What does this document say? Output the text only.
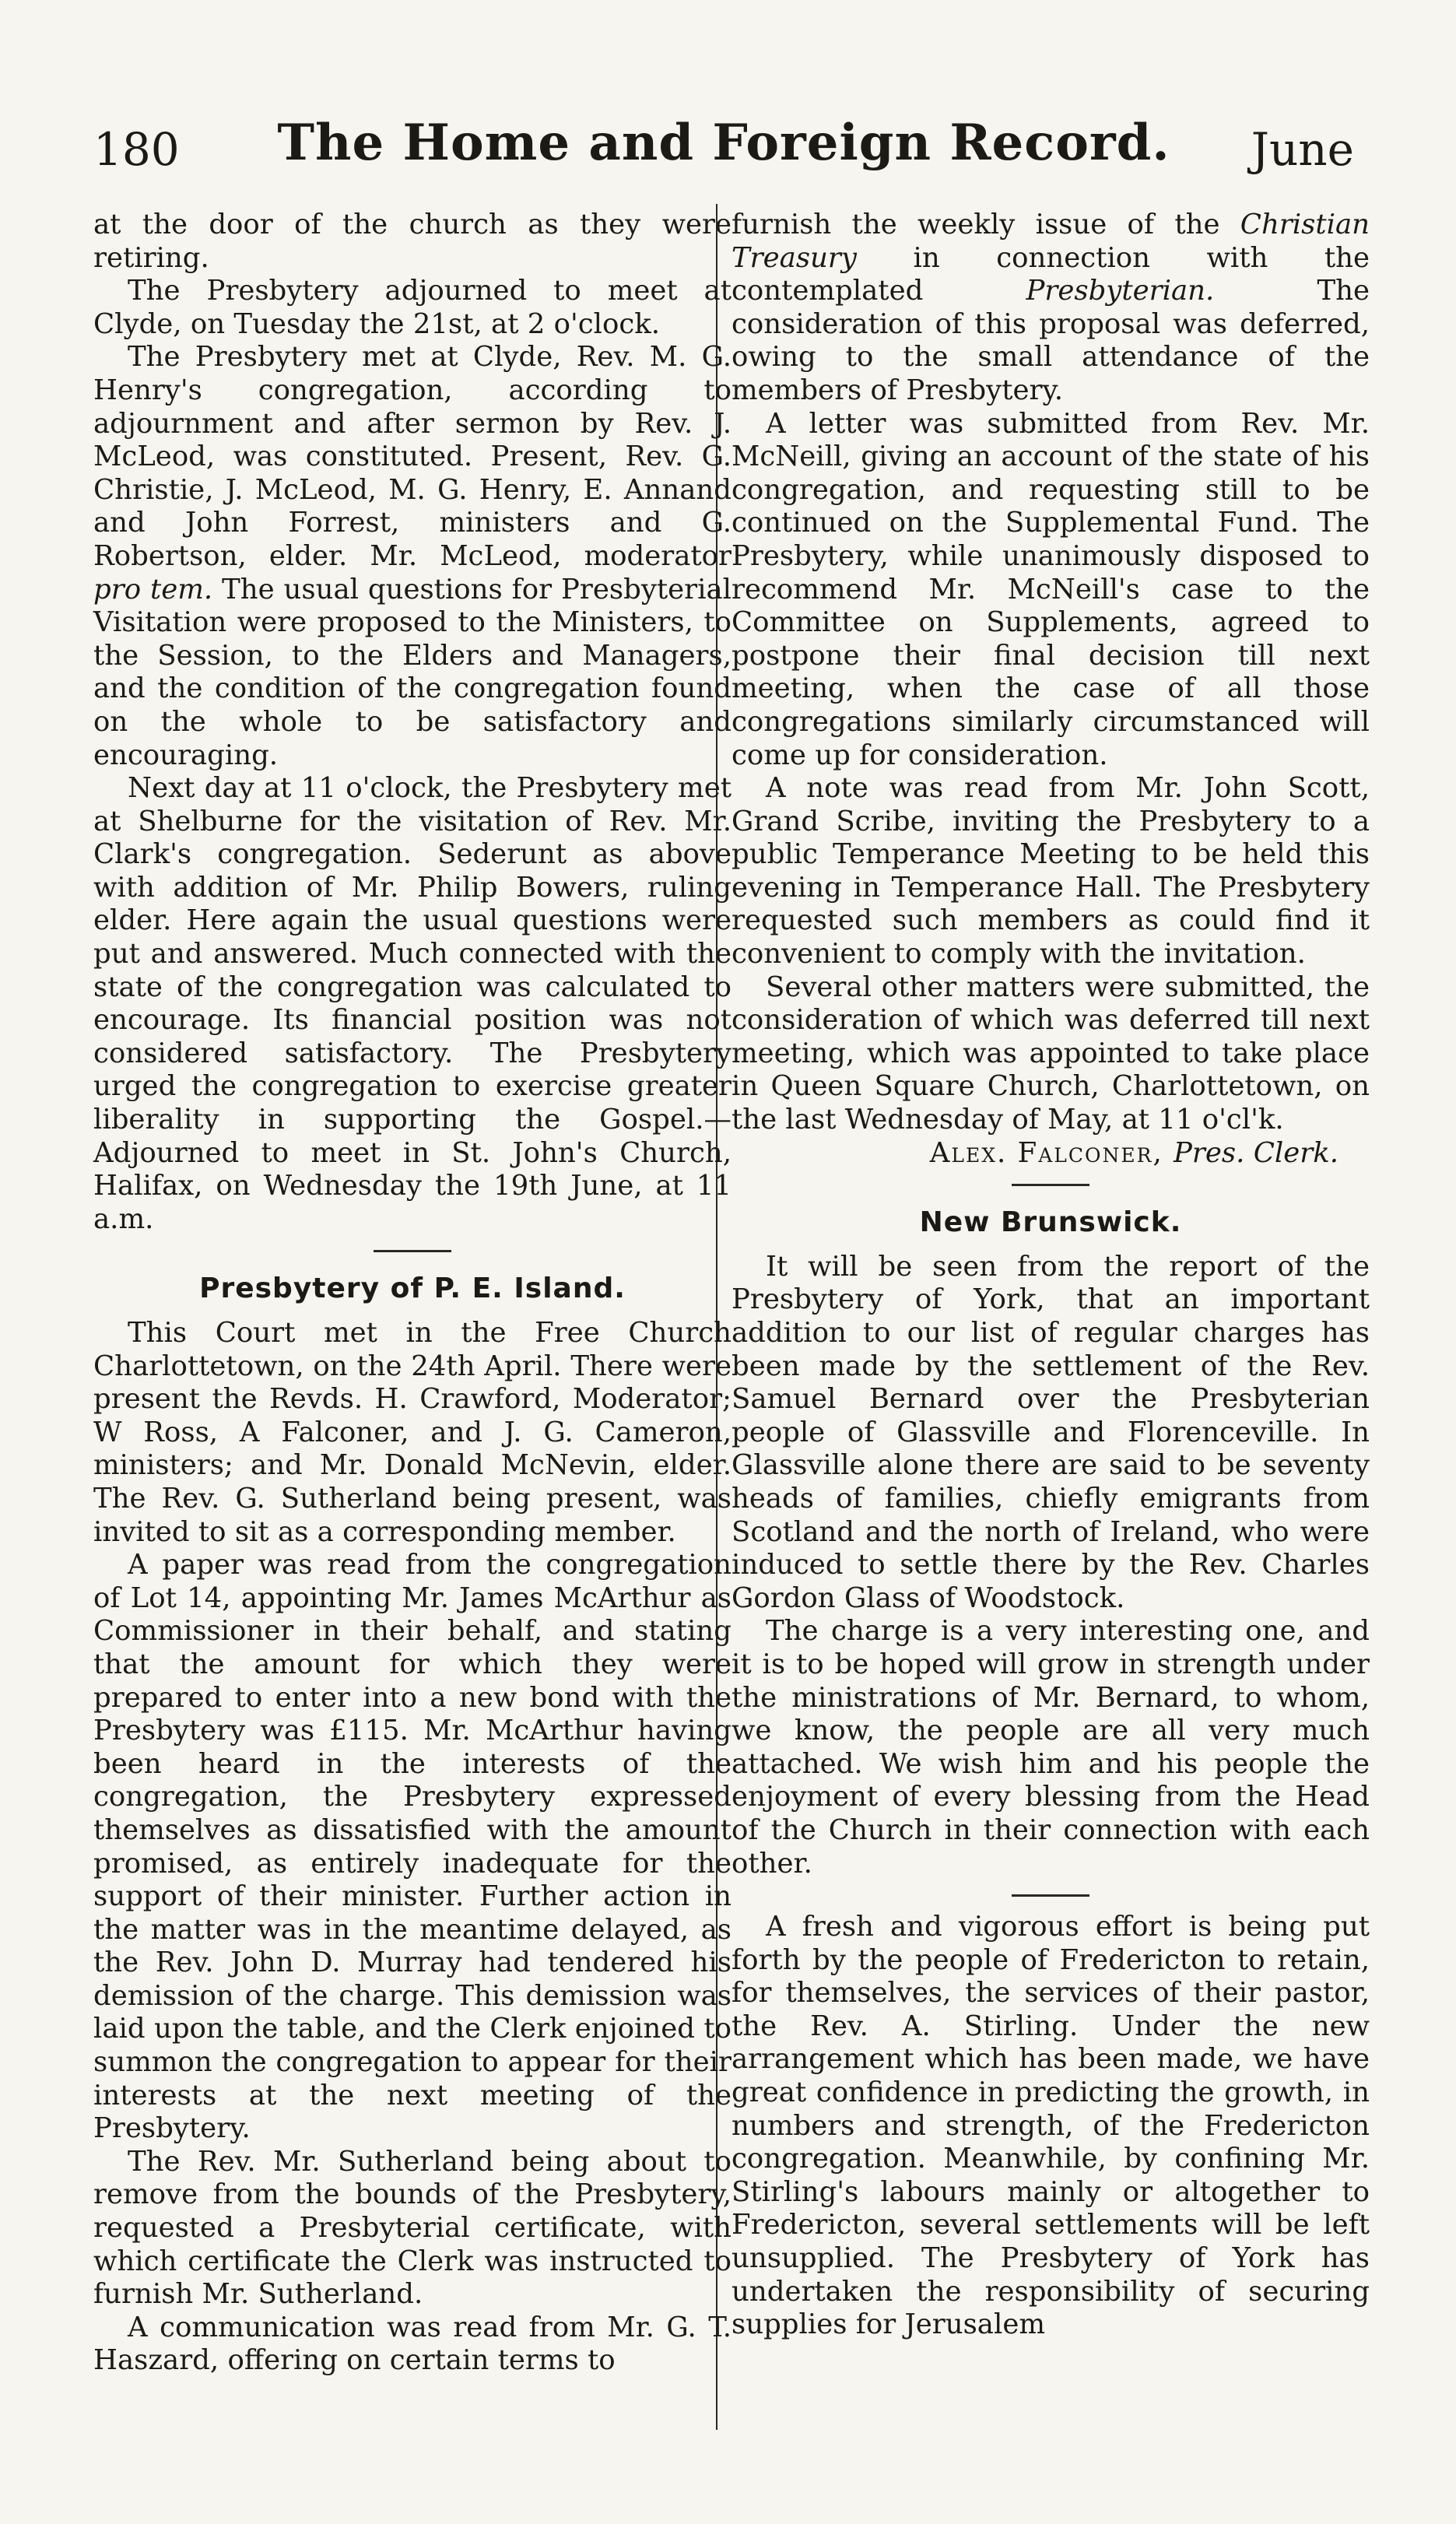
180	The Home and Foreign Record.	June

at the door of the church as they were retiring.

The Presbytery adjourned to meet at Clyde, on Tuesday the 21st, at 2 o'clock.

The Presbytery met at Clyde, Rev. M. G. Henry's congregation, according to adjournment and after sermon by Rev. J. McLeod, was constituted. Present, Rev. G. Christie, J. McLeod, M. G. Henry, E. Annand and John Forrest, ministers and G. Robertson, elder. Mr. McLeod, moderator pro tem. The usual questions for Presbyterial Visitation were proposed to the Ministers, to the Session, to the Elders and Managers, and the condition of the congregation found on the whole to be satisfactory and encouraging.

Next day at 11 o'clock, the Presbytery met at Shelburne for the visitation of Rev. Mr. Clark's congregation. Sederunt as above with addition of Mr. Philip Bowers, ruling elder. Here again the usual questions were put and answered. Much connected with the state of the congregation was calculated to encourage. Its financial position was not considered satisfactory. The Presbytery urged the congregation to exercise greater liberality in supporting the Gospel.—Adjourned to meet in St. John's Church, Halifax, on Wednesday the 19th June, at 11 a.m.

Presbytery of P. E. Island.

This Court met in the Free Church Charlottetown, on the 24th April. There were present the Revds. H. Crawford, Moderator; W Ross, A Falconer, and J. G. Cameron, ministers; and Mr. Donald McNevin, elder. The Rev. G. Sutherland being present, was invited to sit as a corresponding member.

A paper was read from the congregation of Lot 14, appointing Mr. James McArthur as Commissioner in their behalf, and stating that the amount for which they were prepared to enter into a new bond with the Presbytery was £115. Mr. McArthur having been heard in the interests of the congregation, the Presbytery expressed themselves as dissatisfied with the amount promised, as entirely inadequate for the support of their minister. Further action in the matter was in the meantime delayed, as the Rev. John D. Murray had tendered his demission of the charge. This demission was laid upon the table, and the Clerk enjoined to summon the congregation to appear for their interests at the next meeting of the Presbytery.

The Rev. Mr. Sutherland being about to remove from the bounds of the Presbytery, requested a Presbyterial certificate, with which certificate the Clerk was instructed to furnish Mr. Sutherland.

A communication was read from Mr. G. T. Haszard, offering on certain terms to

furnish the weekly issue of the Christian Treasury in connection with the contemplated Presbyterian. The consideration of this proposal was deferred, owing to the small attendance of the members of Presbytery.

A letter was submitted from Rev. Mr. McNeill, giving an account of the state of his congregation, and requesting still to be continued on the Supplemental Fund. The Presbytery, while unanimously disposed to recommend Mr. McNeill's case to the Committee on Supplements, agreed to postpone their final decision till next meeting, when the case of all those congregations similarly circumstanced will come up for consideration.

A note was read from Mr. John Scott, Grand Scribe, inviting the Presbytery to a public Temperance Meeting to be held this evening in Temperance Hall. The Presbytery requested such members as could find it convenient to comply with the invitation.

Several other matters were submitted, the consideration of which was deferred till next meeting, which was appointed to take place in Queen Square Church, Charlottetown, on the last Wednesday of May, at 11 o'cl'k.

Alex. Falconer, Pres. Clerk.

New Brunswick.

It will be seen from the report of the Presbytery of York, that an important addition to our list of regular charges has been made by the settlement of the Rev. Samuel Bernard over the Presbyterian people of Glassville and Florenceville. In Glassville alone there are said to be seventy heads of families, chiefly emigrants from Scotland and the north of Ireland, who were induced to settle there by the Rev. Charles Gordon Glass of Woodstock.

The charge is a very interesting one, and it is to be hoped will grow in strength under the ministrations of Mr. Bernard, to whom, we know, the people are all very much attached. We wish him and his people the enjoyment of every blessing from the Head of the Church in their connection with each other.

A fresh and vigorous effort is being put forth by the people of Fredericton to retain, for themselves, the services of their pastor, the Rev. A. Stirling. Under the new arrangement which has been made, we have great confidence in predicting the growth, in numbers and strength, of the Fredericton congregation. Meanwhile, by confining Mr. Stirling's labours mainly or altogether to Fredericton, several settlements will be left unsupplied. The Presbytery of York has undertaken the responsibility of securing supplies for Jerusalem
